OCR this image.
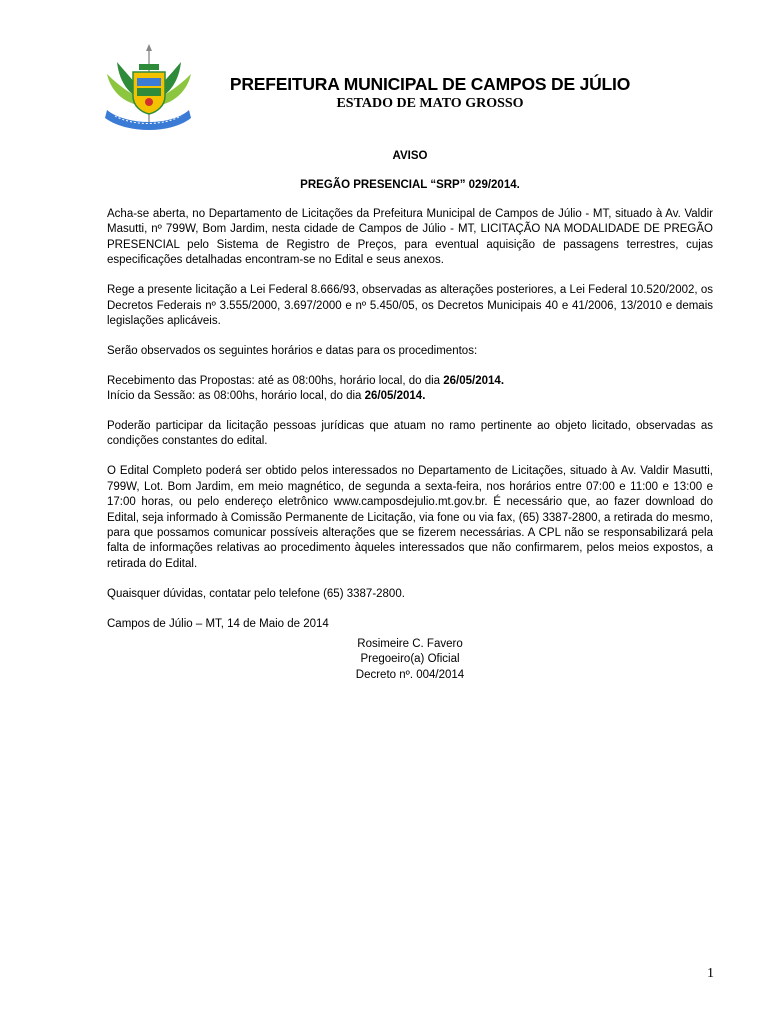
PREFEITURA MUNICIPAL DE CAMPOS DE JÚLIO
ESTADO DE MATO GROSSO
AVISO
PREGÃO PRESENCIAL “SRP” 029/2014.

Acha-se aberta, no Departamento de Licitações da Prefeitura Municipal de Campos de Júlio - MT, situado à Av. Valdir Masutti, nº 799W, Bom Jardim, nesta cidade de Campos de Júlio - MT, LICITAÇÃO NA MODALIDADE DE PREGÃO PRESENCIAL pelo Sistema de Registro de Preços, para eventual aquisição de passagens terrestres, cujas especificações detalhadas encontram-se no Edital e seus anexos.

Rege a presente licitação a Lei Federal 8.666/93, observadas as alterações posteriores, a Lei Federal 10.520/2002, os Decretos Federais nº 3.555/2000, 3.697/2000 e nº 5.450/05, os Decretos Municipais 40 e 41/2006, 13/2010 e demais legislações aplicáveis.

Serão observados os seguintes horários e datas para os procedimentos:

Recebimento das Propostas: até as 08:00hs, horário local, do dia 26/05/2014.

Início da Sessão: as 08:00hs, horário local, do dia 26/05/2014.

Poderão participar da licitação pessoas jurídicas que atuam no ramo pertinente ao objeto licitado, observadas as condições constantes do edital.

O Edital Completo poderá ser obtido pelos interessados no Departamento de Licitações, situado à Av. Valdir Masutti, 799W, Lot. Bom Jardim, em meio magnético, de segunda a sexta-feira, nos horários entre 07:00 e 11:00 e 13:00 e 17:00 horas, ou pelo endereço eletrônico www.camposdejulio.mt.gov.br. É necessário que, ao fazer download do Edital, seja informado à Comissão Permanente de Licitação, via fone ou via fax, (65) 3387-2800, a retirada do mesmo, para que possamos comunicar possíveis alterações que se fizerem necessárias. A CPL não se responsabilizará pela falta de informações relativas ao procedimento àqueles interessados que não confirmarem, pelos meios expostos, a retirada do Edital.

Quaisquer dúvidas, contatar pelo telefone (65) 3387-2800.

Campos de Júlio – MT, 14 de Maio de 2014

Rosimeire C. Favero
Pregoeiro(a) Oficial
Decreto nº. 004/2014
1
